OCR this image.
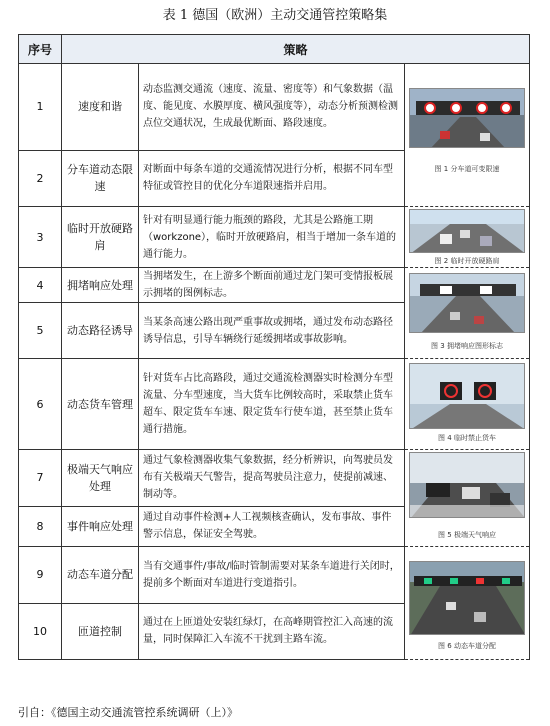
表 1 德国（欧洲）主动交通管控策略集
序号	策略		
1	速度和谐	动态监测交通流（速度、流量、密度等）和气象数据（温度、能见度、水膜厚度、横风强度等），动态分析预测检测点位交通状况，生成最优断面、路段速度。	图 1 分车道可变限速

2	分车道动态限速	对断面中每条车道的交通流情况进行分析，根据不同车型特征或管控目的优化分车道限速指并启用。	
3	临时开放硬路肩	针对有明显通行能力瓶颈的路段，尤其是公路施工期（workzone），临时开放硬路肩，相当于增加一条车道的通行能力。	图 2 临时开放硬路肩

4	拥堵响应处理	当拥堵发生，在上游多个断面前通过龙门架可变情报板展示拥堵的图例标志。	图 3 拥堵响应图形标志

5	动态路径诱导	当某条高速公路出现严重事故或拥堵，通过发布动态路径诱导信息，引导车辆绕行延缓拥堵或事故影响。	
6	动态货车管理	针对货车占比高路段，通过交通流检测器实时检测分车型流量、分车型速度，当大货车比例较高时，采取禁止货车超车、限定货车车速、限定货车行使车道，甚至禁止货车通行措施。	图 4 临时禁止货车

7	极端天气响应处理	通过气象检测器收集气象数据，经分析辨识，向驾驶员发布有关极端天气警告，提高驾驶员注意力，使提前减速、制动等。	图 5 极端天气响应

8	事件响应处理	通过自动事件检测+人工视频核查确认，发布事故、事件警示信息，保证安全驾驶。	
9	动态车道分配	当有交通事件/事故/临时管制需要对某条车道进行关闭时，提前多个断面对车道进行变道指引。	图 6 动态车道分配

10	匝道控制	通过在上匝道处安装红绿灯，在高峰期管控汇入高速的流量，同时保障汇入车流不干扰到主路车流。	
引自：《德国主动交通流管控系统调研（上）》
